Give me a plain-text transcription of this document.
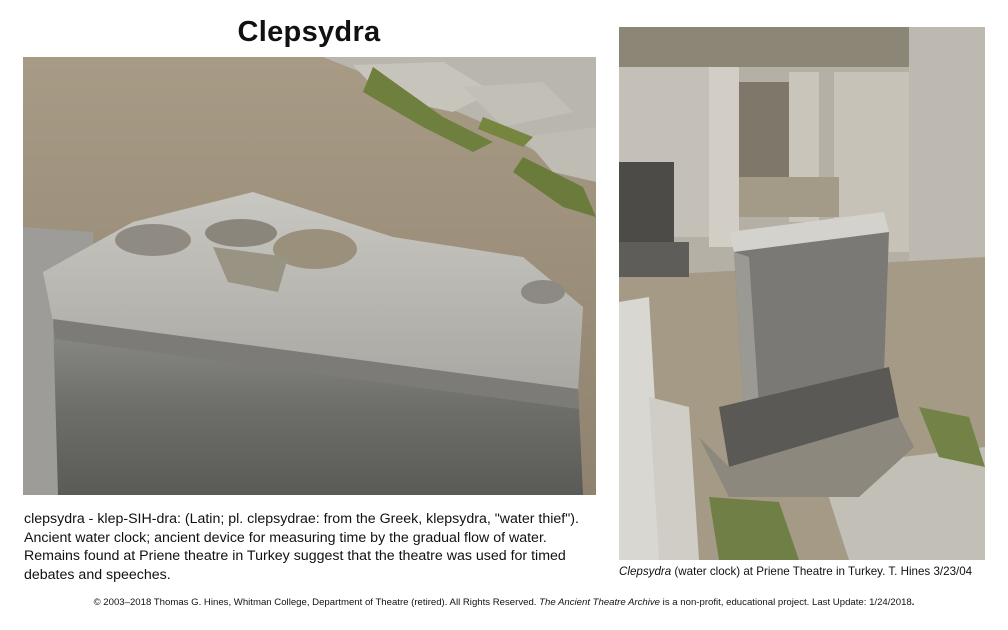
Clepsydra
clepsydra - klep-SIH-dra: (Latin; pl. clepsydrae: from the Greek, klepsydra, "water thief"). Ancient water clock; ancient device for measuring time by the gradual flow of water. Remains found at Priene theatre in Turkey suggest that the theatre was used for timed debates and speeches.	Clepsydra (water clock) at Priene Theatre in Turkey. T. Hines 3/23/04
© 2003–2018 Thomas G. Hines, Whitman College, Department of Theatre (retired). All Rights Reserved. The Ancient Theatre Archive is a non-profit, educational project. Last Update: 1/24/2018.
